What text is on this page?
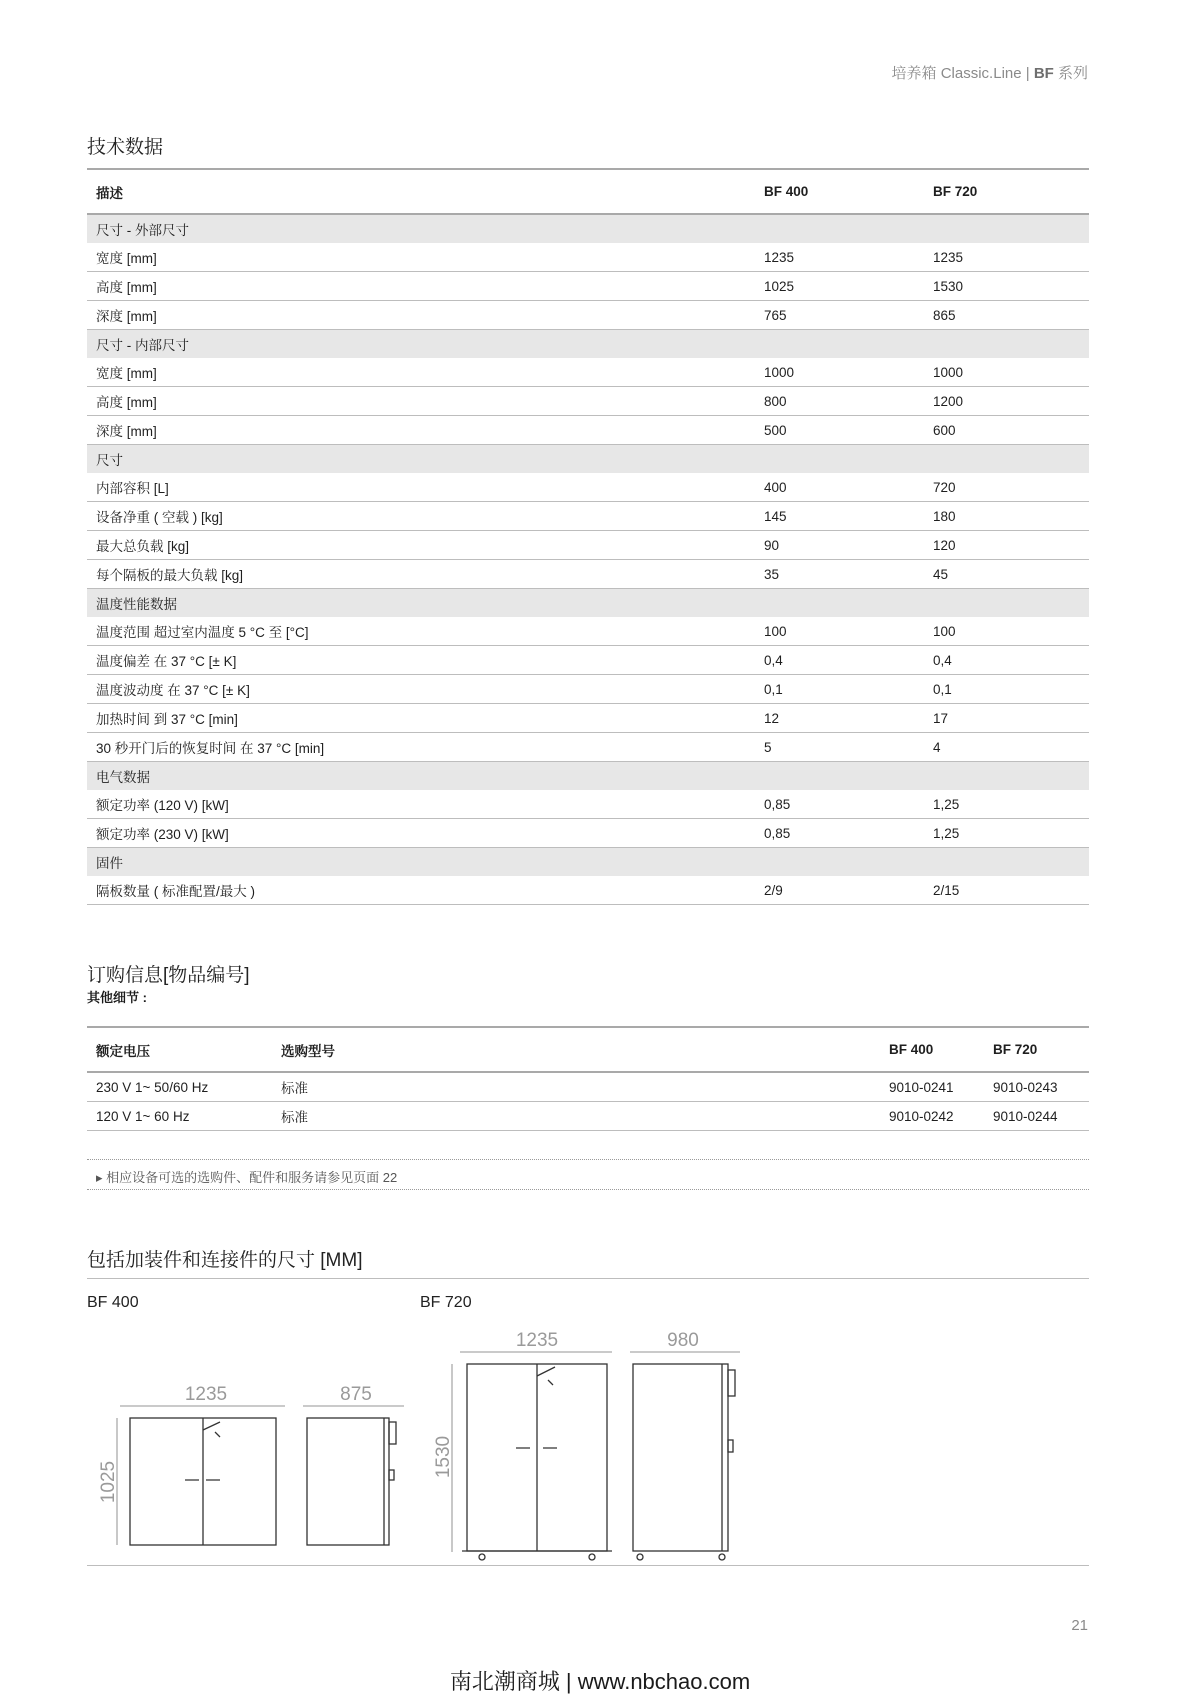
培养箱 Classic.Line | BF 系列
技术数据
描述	BF 400	BF 720
尺寸 - 外部尺寸		
宽度 [mm]	1235	1235
高度 [mm]	1025	1530
深度 [mm]	765	865
尺寸 - 内部尺寸		
宽度 [mm]	1000	1000
高度 [mm]	800	1200
深度 [mm]	500	600
尺寸		
内部容积 [L]	400	720
设备净重 ( 空载 ) [kg]	145	180
最大总负载 [kg]	90	120
每个隔板的最大负载 [kg]	35	45
温度性能数据		
温度范围 超过室内温度 5 °C 至 [°C]	100	100
温度偏差 在 37 °C [± K]	0,4	0,4
温度波动度 在 37 °C [± K]	0,1	0,1
加热时间 到 37 °C [min]	12	17
30 秒开门后的恢复时间 在 37 °C [min]	5	4
电气数据		
额定功率 (120 V) [kW]	0,85	1,25
额定功率 (230 V) [kW]	0,85	1,25
固件		
隔板数量 ( 标准配置/最大 )	2/9	2/15
订购信息[物品编号]
其他细节 :
额定电压	选购型号	BF 400	BF 720
230 V 1~ 50/60 Hz	标准	9010-0241	9010-0243
120 V 1~ 60 Hz	标准	9010-0242	9010-0244
▸ 相应设备可选的选购件、配件和服务请参见页面 22
包括加装件和连接件的尺寸 [MM]
BF 400	BF 720
1235	875
1025
1235	980
1530
21
南北潮商城 | www.nbchao.com
